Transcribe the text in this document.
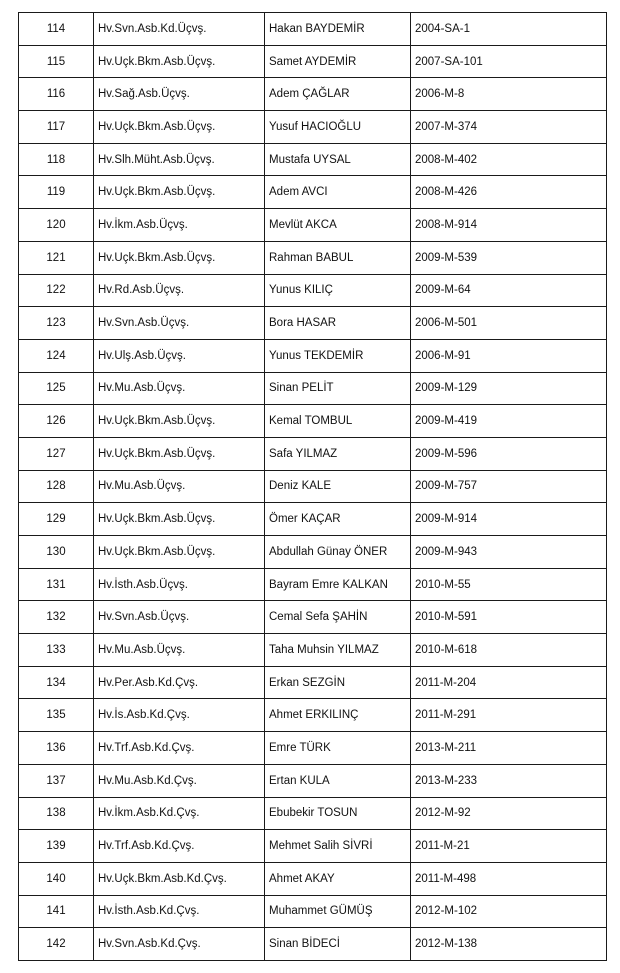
114	Hv.Svn.Asb.Kd.Üçvş.	Hakan BAYDEMİR	2004-SA-1
115	Hv.Uçk.Bkm.Asb.Üçvş.	Samet AYDEMİR	2007-SA-101
116	Hv.Sağ.Asb.Üçvş.	Adem ÇAĞLAR	2006-M-8
117	Hv.Uçk.Bkm.Asb.Üçvş.	Yusuf HACIOĞLU	2007-M-374
118	Hv.Slh.Müht.Asb.Üçvş.	Mustafa UYSAL	2008-M-402
119	Hv.Uçk.Bkm.Asb.Üçvş.	Adem AVCI	2008-M-426
120	Hv.İkm.Asb.Üçvş.	Mevlüt AKCA	2008-M-914
121	Hv.Uçk.Bkm.Asb.Üçvş.	Rahman BABUL	2009-M-539
122	Hv.Rd.Asb.Üçvş.	Yunus KILIÇ	2009-M-64
123	Hv.Svn.Asb.Üçvş.	Bora HASAR	2006-M-501
124	Hv.Ulş.Asb.Üçvş.	Yunus TEKDEMİR	2006-M-91
125	Hv.Mu.Asb.Üçvş.	Sinan PELİT	2009-M-129
126	Hv.Uçk.Bkm.Asb.Üçvş.	Kemal TOMBUL	2009-M-419
127	Hv.Uçk.Bkm.Asb.Üçvş.	Safa YILMAZ	2009-M-596
128	Hv.Mu.Asb.Üçvş.	Deniz KALE	2009-M-757
129	Hv.Uçk.Bkm.Asb.Üçvş.	Ömer KAÇAR	2009-M-914
130	Hv.Uçk.Bkm.Asb.Üçvş.	Abdullah Günay ÖNER	2009-M-943
131	Hv.İsth.Asb.Üçvş.	Bayram Emre KALKAN	2010-M-55
132	Hv.Svn.Asb.Üçvş.	Cemal Sefa ŞAHİN	2010-M-591
133	Hv.Mu.Asb.Üçvş.	Taha Muhsin YILMAZ	2010-M-618
134	Hv.Per.Asb.Kd.Çvş.	Erkan SEZGİN	2011-M-204
135	Hv.İs.Asb.Kd.Çvş.	Ahmet ERKILINÇ	2011-M-291
136	Hv.Trf.Asb.Kd.Çvş.	Emre TÜRK	2013-M-211
137	Hv.Mu.Asb.Kd.Çvş.	Ertan KULA	2013-M-233
138	Hv.İkm.Asb.Kd.Çvş.	Ebubekir TOSUN	2012-M-92
139	Hv.Trf.Asb.Kd.Çvş.	Mehmet Salih SİVRİ	2011-M-21
140	Hv.Uçk.Bkm.Asb.Kd.Çvş.	Ahmet AKAY	2011-M-498
141	Hv.İsth.Asb.Kd.Çvş.	Muhammet GÜMÜŞ	2012-M-102
142	Hv.Svn.Asb.Kd.Çvş.	Sinan BİDECİ	2012-M-138
